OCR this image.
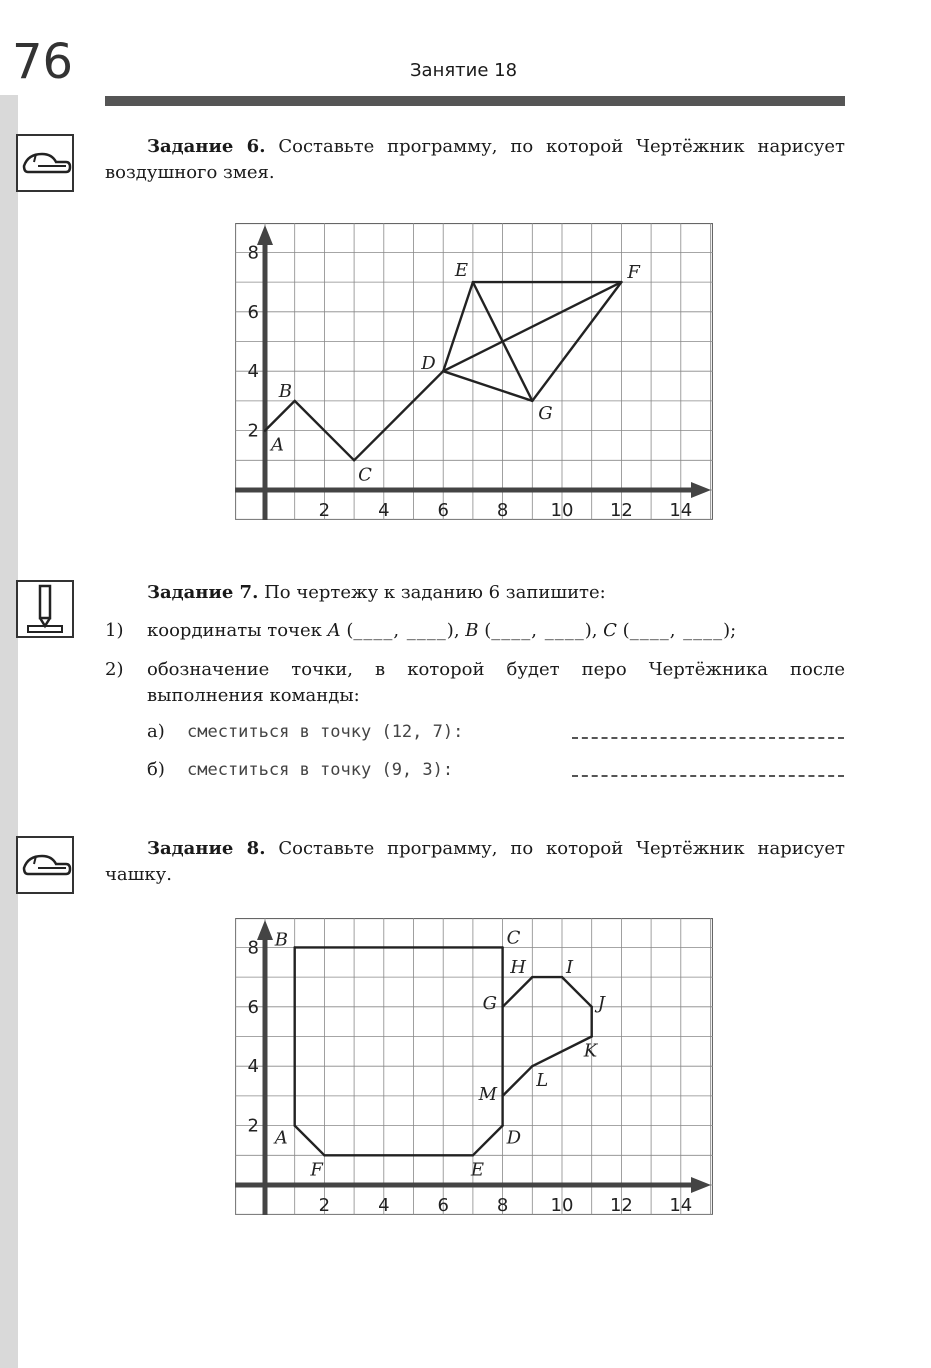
76	Занятие 18
Задание 6. Составьте программу, по которой Чертёжник нарисует воздушного змея.
2	4	6	8 10 12 14
2
4
6
8
A
B
C
D
E	F
G
Задание 7. По чертежу к заданию 6 запишите:
1) координаты точек A (____, ____), B (____, ____), C (____, ____);
2) обозначение точки, в которой будет перо Чертёжника после выполнения команды:
а) сместиться в точку (12, 7):
б) сместиться в точку (9, 3):
Задание 8. Составьте программу, по которой Чертёжник нарисует чашку.
2	4	6	8 10 12 14
2
4
6
8
A
B	C
D
E
F
G
H I
J
K
L
M
